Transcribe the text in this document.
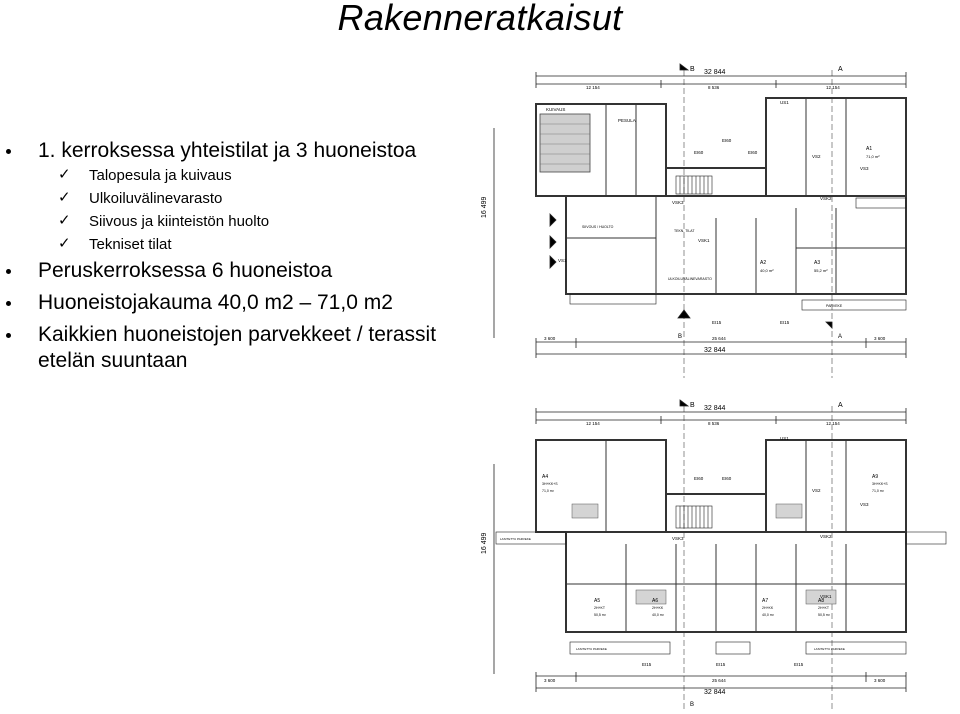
Rakenneratkaisut
1. kerroksessa yhteistilat ja 3 huoneistoa
✓ Talopesula ja kuivaus
✓ Ulkoiluvälinevarasto
✓ Siivous ja kiinteistön huolto
✓ Tekniset tilat
Peruskerroksessa 6 huoneistoa
Huoneistojakauma 40,0 m2 – 71,0 m2
Kaikkien huoneistojen parvekkeet / terassit etelän suuntaan
32 844
12 154	8 536	12 154
B	A
16 499
PESULA
KUIVAUS
VSK3
VSK2
VSK1
VS1
VS2
VS3
EI60
EI60	EI60
EI15	EI15
US1
A1
71,0 m²
A2
40,0 m²
A3
55,2 m²
TEKN. TILAT
SIIVOUS / HUOLTO
ULKOILUVÄLINEVARASTO
PARVEKE
3 600	25 644	3 600
32 844
B	A
32 844
12 154	8 536	12 154
B	A
16 499
A4
3H+KK+S
71,0 m²
A5
2H+KT
50,5 m²
A6
2H+KK
40,0 m²
A7
2H+KK
40,0 m²
A8
2H+KT
50,5 m²
A9
3H+KK+S
71,0 m²
VSK1
VSK2
VSK3
VS2
VS3
EI60	EI60
EI15	EI15	EI15
US1
LASITETTU PARVEKE
LASITETTU PARVEKE	LASITETTU PARVEKE
3 600	25 644	3 600
32 844
B
